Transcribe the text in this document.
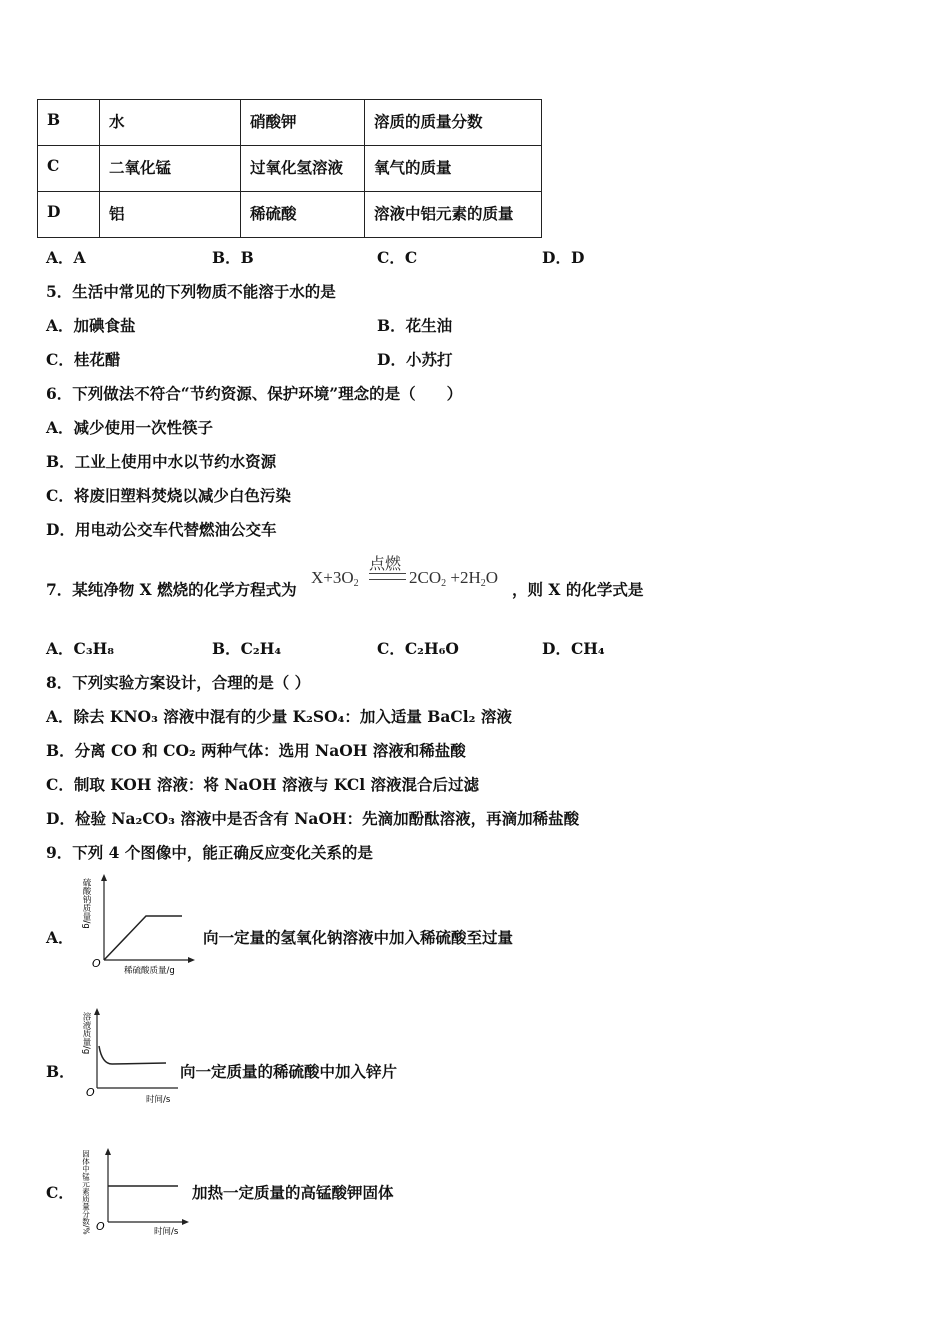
B	水	硝酸钾	溶质的质量分数
C	二氧化锰	过氧化氢溶液	氧气的质量
D	铝	稀硫酸	溶液中铝元素的质量
A．A	B．B	C．C	D．D
5．生活中常见的下列物质不能溶于水的是
A．加碘食盐	B．花生油
C．桂花醋	D．小苏打
6．下列做法不符合“节约资源、保护环境”理念的是（　　）
A．减少使用一次性筷子
B．工业上使用中水以节约水资源
C．将废旧塑料焚烧以减少白色污染
D．用电动公交车代替燃油公交车
7．某纯净物 X 燃烧的化学方程式为
$X+3O_2$
点燃
$2CO_2 +2H_2O$
，则 X 的化学式是
A．C₃H₈	B．C₂H₄	C．C₂H₆O	D．CH₄
8．下列实验方案设计，合理的是（ ）
A．除去 KNO₃ 溶液中混有的少量 K₂SO₄：加入适量 BaCl₂ 溶液
B．分离 CO 和 CO₂ 两种气体：选用 NaOH 溶液和稀盐酸
C．制取 KOH 溶液：将 NaOH 溶液与 KCl 溶液混合后过滤
D．检验 Na₂CO₃ 溶液中是否含有 NaOH：先滴加酚酞溶液，再滴加稀盐酸
9．下列 4 个图像中，能正确反应变化关系的是
A．
O
硫酸钠质量/g
稀硫酸质量/g
向一定量的氢氧化钠溶液中加入稀硫酸至过量
B．
O
溶液质量/g
时间/s
向一定质量的稀硫酸中加入锌片
C．
O
固体中锰元素质量分数/%	时间/s
加热一定质量的高锰酸钾固体
